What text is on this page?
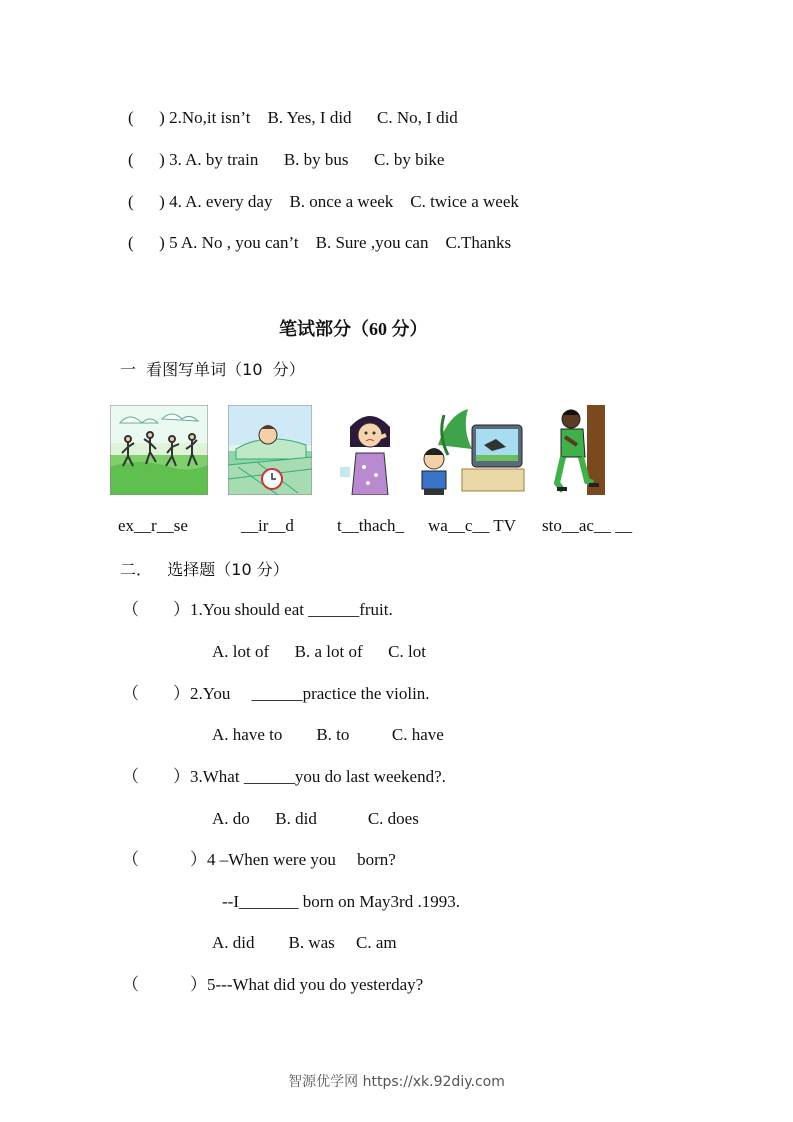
(      ) 2.No,it isn’t    B. Yes, I did      C. No, I did
(      ) 3. A. by train      B. by bus      C. by bike
(      ) 4. A. every day    B. once a week    C. twice a week
(      ) 5 A. No , you can’t    B. Sure ,you can    C.Thanks
笔试部分（60 分）
一  看图写单词（10  分）
ex__r__se	__ir__d	t__thach_ wa__c__ TV sto__ac__ __
二．   选择题（10 分）
（        ）1.You should eat ______fruit.
A. lot of      B. a lot of      C. lot
（        ）2.You     ______practice the violin.
A. have to        B. to          C. have
（        ）3.What ______you do last weekend?.
A. do      B. did            C. does
（            ）4 –When were you     born?
--I_______ born on May3rd .1993.
A. did        B. was     C. am
（            ）5---What did you do yesterday?
智源优学网 https://xk.92diy.com
